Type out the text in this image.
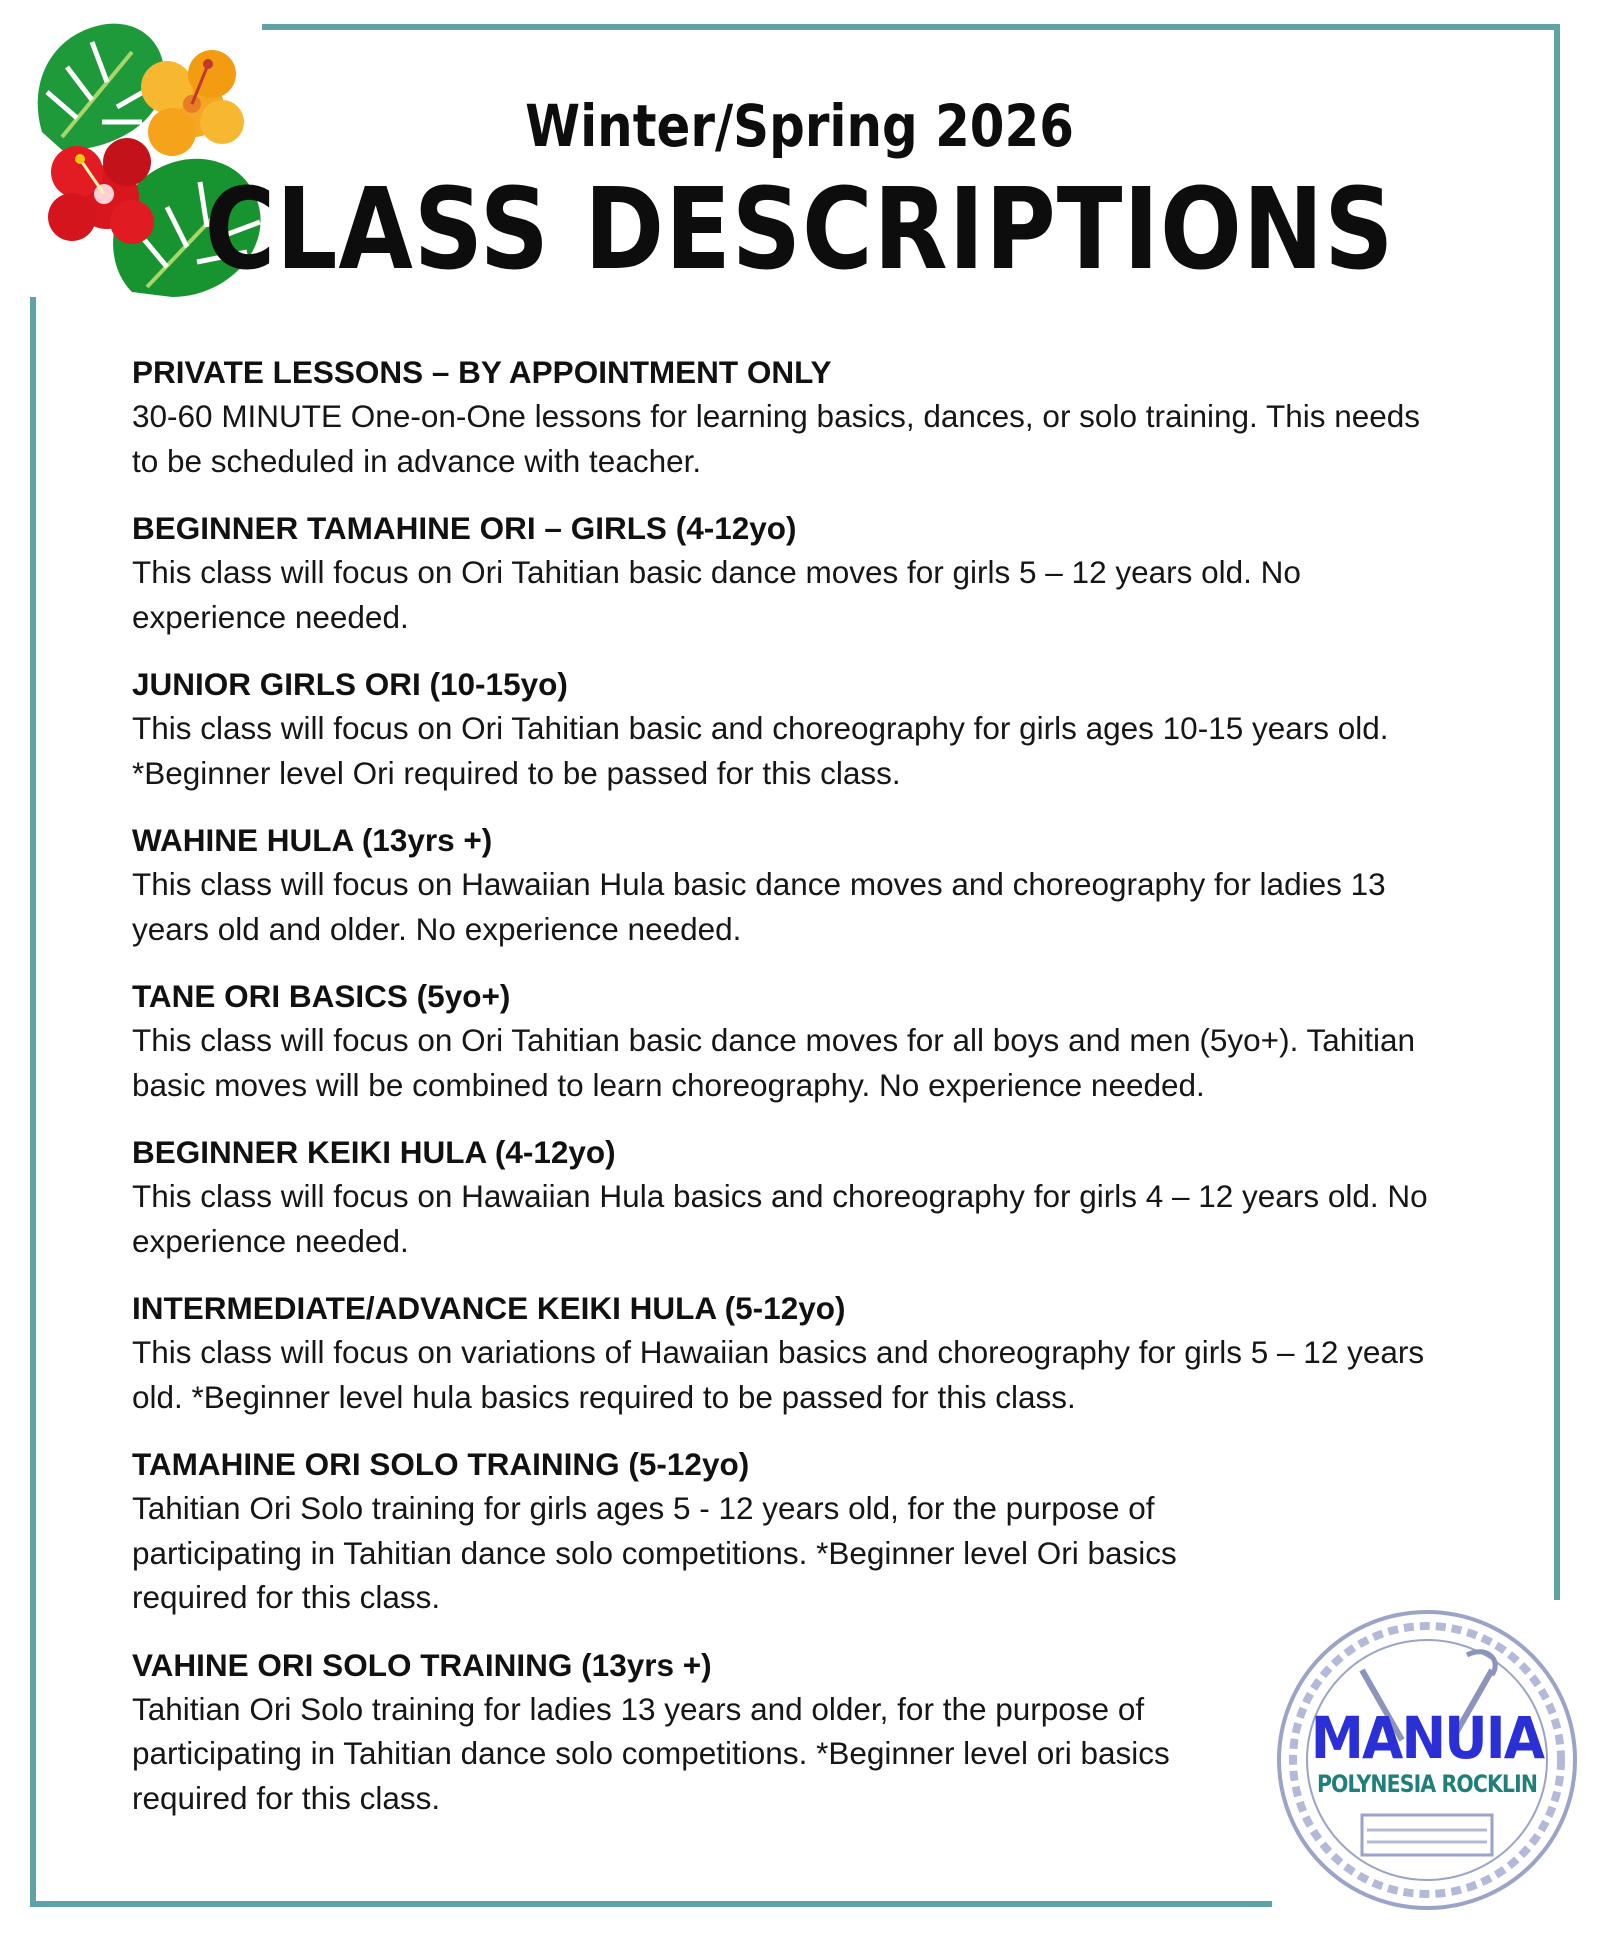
Winter/Spring 2026
CLASS DESCRIPTIONS
PRIVATE LESSONS – BY APPOINTMENT ONLY
30-60 MINUTE One-on-One lessons for learning basics, dances, or solo training. This needs to be scheduled in advance with teacher.
BEGINNER TAMAHINE ORI – GIRLS (4-12yo)
This class will focus on Ori Tahitian basic dance moves for girls 5 – 12 years old. No experience needed.
JUNIOR GIRLS ORI (10-15yo)
This class will focus on Ori Tahitian basic and choreography for girls ages 10-15 years old. *Beginner level Ori required to be passed for this class.
WAHINE HULA (13yrs +)
This class will focus on Hawaiian Hula basic dance moves and choreography for ladies 13 years old and older. No experience needed.
TANE ORI BASICS (5yo+)
This class will focus on Ori Tahitian basic dance moves for all boys and men (5yo+). Tahitian basic moves will be combined to learn choreography. No experience needed.
BEGINNER KEIKI HULA (4-12yo)
This class will focus on Hawaiian Hula basics and choreography for girls 4 – 12 years old. No experience needed.
INTERMEDIATE/ADVANCE KEIKI HULA (5-12yo)
This class will focus on variations of Hawaiian basics and choreography for girls 5 – 12 years old. *Beginner level hula basics required to be passed for this class.
TAMAHINE ORI SOLO TRAINING (5-12yo)
Tahitian Ori Solo training for girls ages 5 - 12 years old, for the purpose of participating in Tahitian dance solo competitions. *Beginner level Ori basics required for this class.
VAHINE ORI SOLO TRAINING (13yrs +)
Tahitian Ori Solo training for ladies 13 years and older, for the purpose of participating in Tahitian dance solo competitions. *Beginner level ori basics required for this class.
MANUIA
POLYNESIA ROCKLIN
